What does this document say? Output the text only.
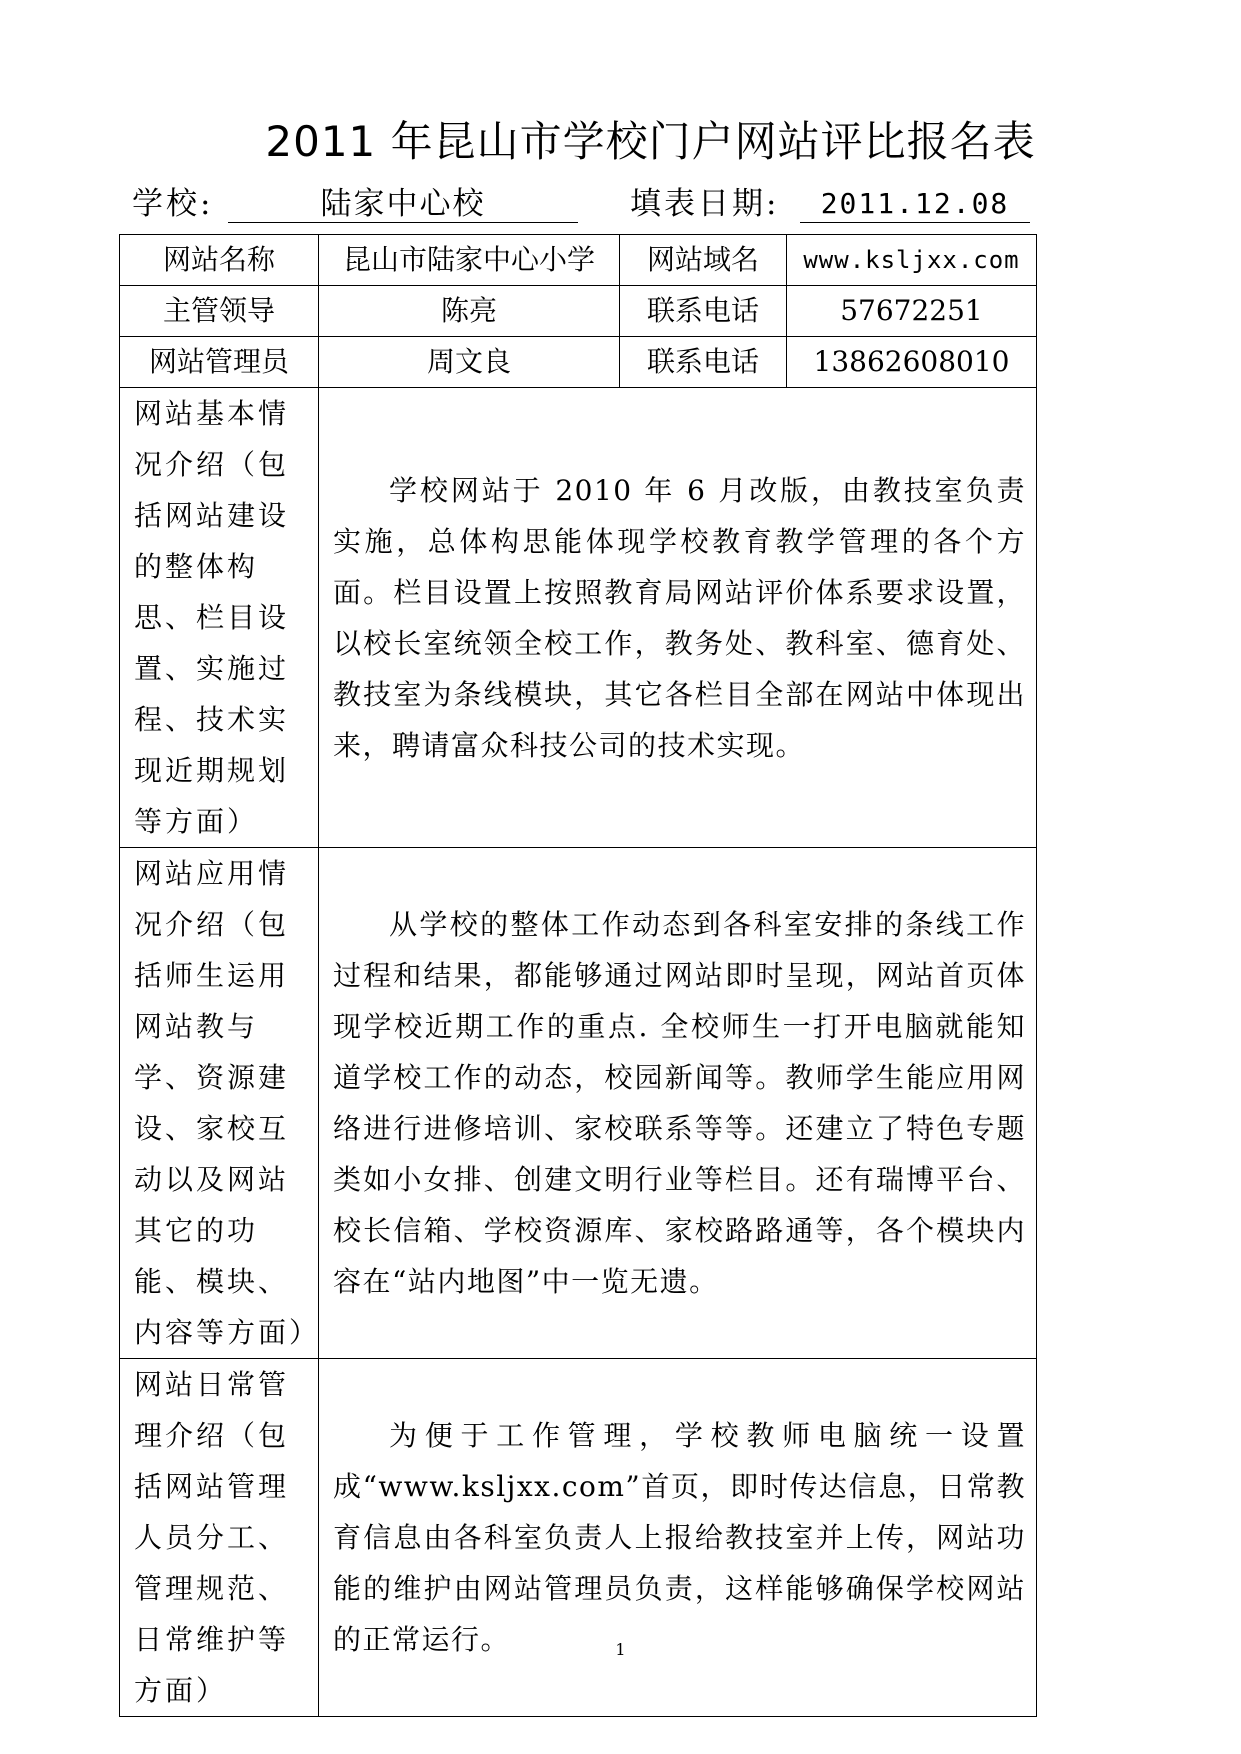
2011 年昆山市学校门户网站评比报名表
学校:	陆家中心校	填表日期:	2011.12.08
网站名称	昆山市陆家中心小学	网站域名	www.ksljxx.com
主管领导	陈亮	联系电话	57672251
网站管理员	周文良	联系电话	13862608010
网站基本情况介绍（包括网站建设的整体构思、栏目设置、实施过程、技术实现近期规划等方面）	学校网站于 2010 年 6 月改版，由教技室负责实施，总体构思能体现学校教育教学管理的各个方面。栏目设置上按照教育局网站评价体系要求设置，以校长室统领全校工作，教务处、教科室、德育处、教技室为条线模块，其它各栏目全部在网站中体现出来，聘请富众科技公司的技术实现。		

网站应用情况介绍（包括师生运用网站教与学、资源建设、家校互动以及网站其它的功能、模块、内容等方面）	从学校的整体工作动态到各科室安排的条线工作过程和结果，都能够通过网站即时呈现，网站首页体现学校近期工作的重点. 全校师生一打开电脑就能知道学校工作的动态，校园新闻等。教师学生能应用网络进行进修培训、家校联系等等。还建立了特色专题类如小女排、创建文明行业等栏目。还有瑞博平台、校长信箱、学校资源库、家校路路通等，各个模块内容在“站内地图”中一览无遗。		

网站日常管理介绍（包括网站管理人员分工、管理规范、日常维护等方面）	为便于工作管理，学校教师电脑统一设置成“www.ksljxx.com”首页，即时传达信息，日常教育信息由各科室负责人上报给教技室并上传，网站功能的维护由网站管理员负责，这样能够确保学校网站的正常运行。			1
